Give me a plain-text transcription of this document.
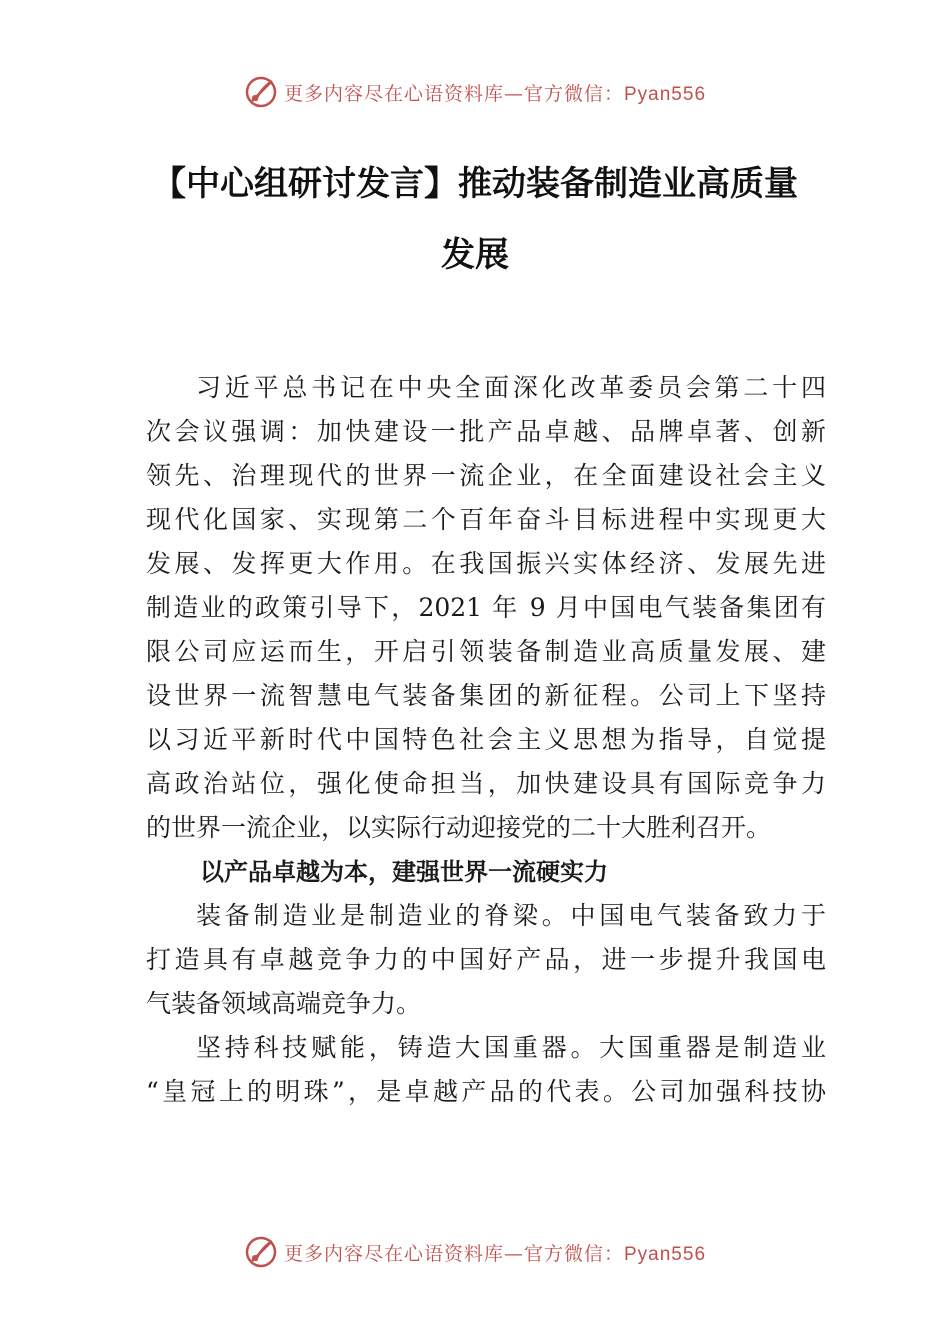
更多内容尽在心语资料库—官方微信：Pyan556
【中心组研讨发言】推动装备制造业高质量
发展
习近平总书记在中央全面深化改革委员会第二十四
次会议强调：加快建设一批产品卓越、品牌卓著、创新
领先、治理现代的世界一流企业，在全面建设社会主义
现代化国家、实现第二个百年奋斗目标进程中实现更大
发展、发挥更大作用。在我国振兴实体经济、发展先进
制造业的政策引导下，2021 年 9 月中国电气装备集团有
限公司应运而生，开启引领装备制造业高质量发展、建
设世界一流智慧电气装备集团的新征程。公司上下坚持
以习近平新时代中国特色社会主义思想为指导，自觉提
高政治站位，强化使命担当，加快建设具有国际竞争力
的世界一流企业，以实际行动迎接党的二十大胜利召开。
以产品卓越为本，建强世界一流硬实力
装备制造业是制造业的脊梁。中国电气装备致力于
打造具有卓越竞争力的中国好产品，进一步提升我国电
气装备领域高端竞争力。
坚持科技赋能，铸造大国重器。大国重器是制造业
“皇冠上的明珠”，是卓越产品的代表。公司加强科技协
更多内容尽在心语资料库—官方微信：Pyan556
